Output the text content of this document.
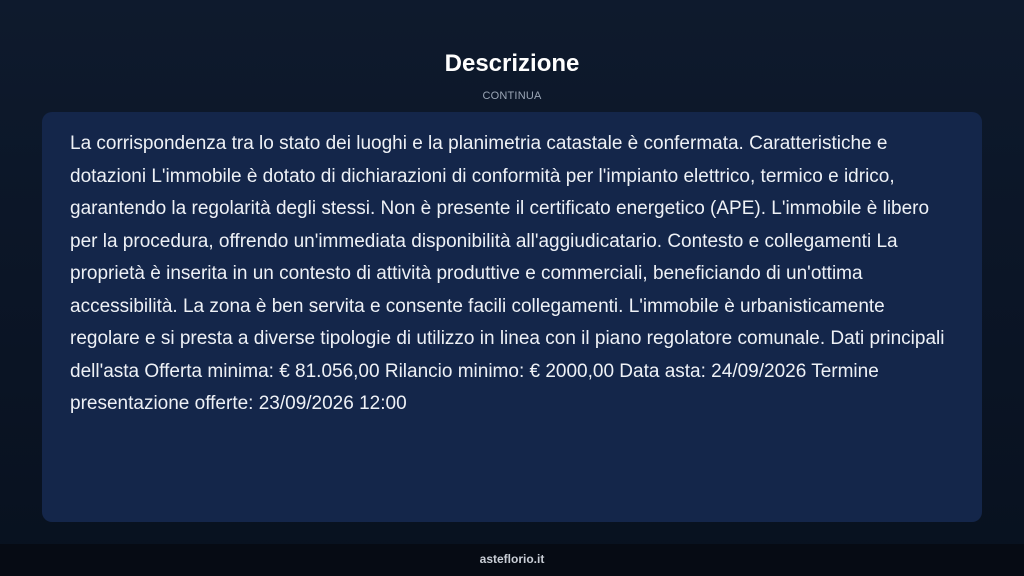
Descrizione
CONTINUA

La corrispondenza tra lo stato dei luoghi e la planimetria catastale è confermata. Caratteristiche e dotazioni L'immobile è dotato di dichiarazioni di conformità per l'impianto elettrico, termico e idrico, garantendo la regolarità degli stessi. Non è presente il certificato energetico (APE). L'immobile è libero per la procedura, offrendo un'immediata disponibilità all'aggiudicatario. Contesto e collegamenti La proprietà è inserita in un contesto di attività produttive e commerciali, beneficiando di un'ottima accessibilità. La zona è ben servita e consente facili collegamenti. L'immobile è urbanisticamente regolare e si presta a diverse tipologie di utilizzo in linea con il piano regolatore comunale. Dati principali dell'asta Offerta minima: € 81.056,00 Rilancio minimo: € 2000,00 Data asta: 24/09/2026 Termine presentazione offerte: 23/09/2026 12:00

asteflorio.it
